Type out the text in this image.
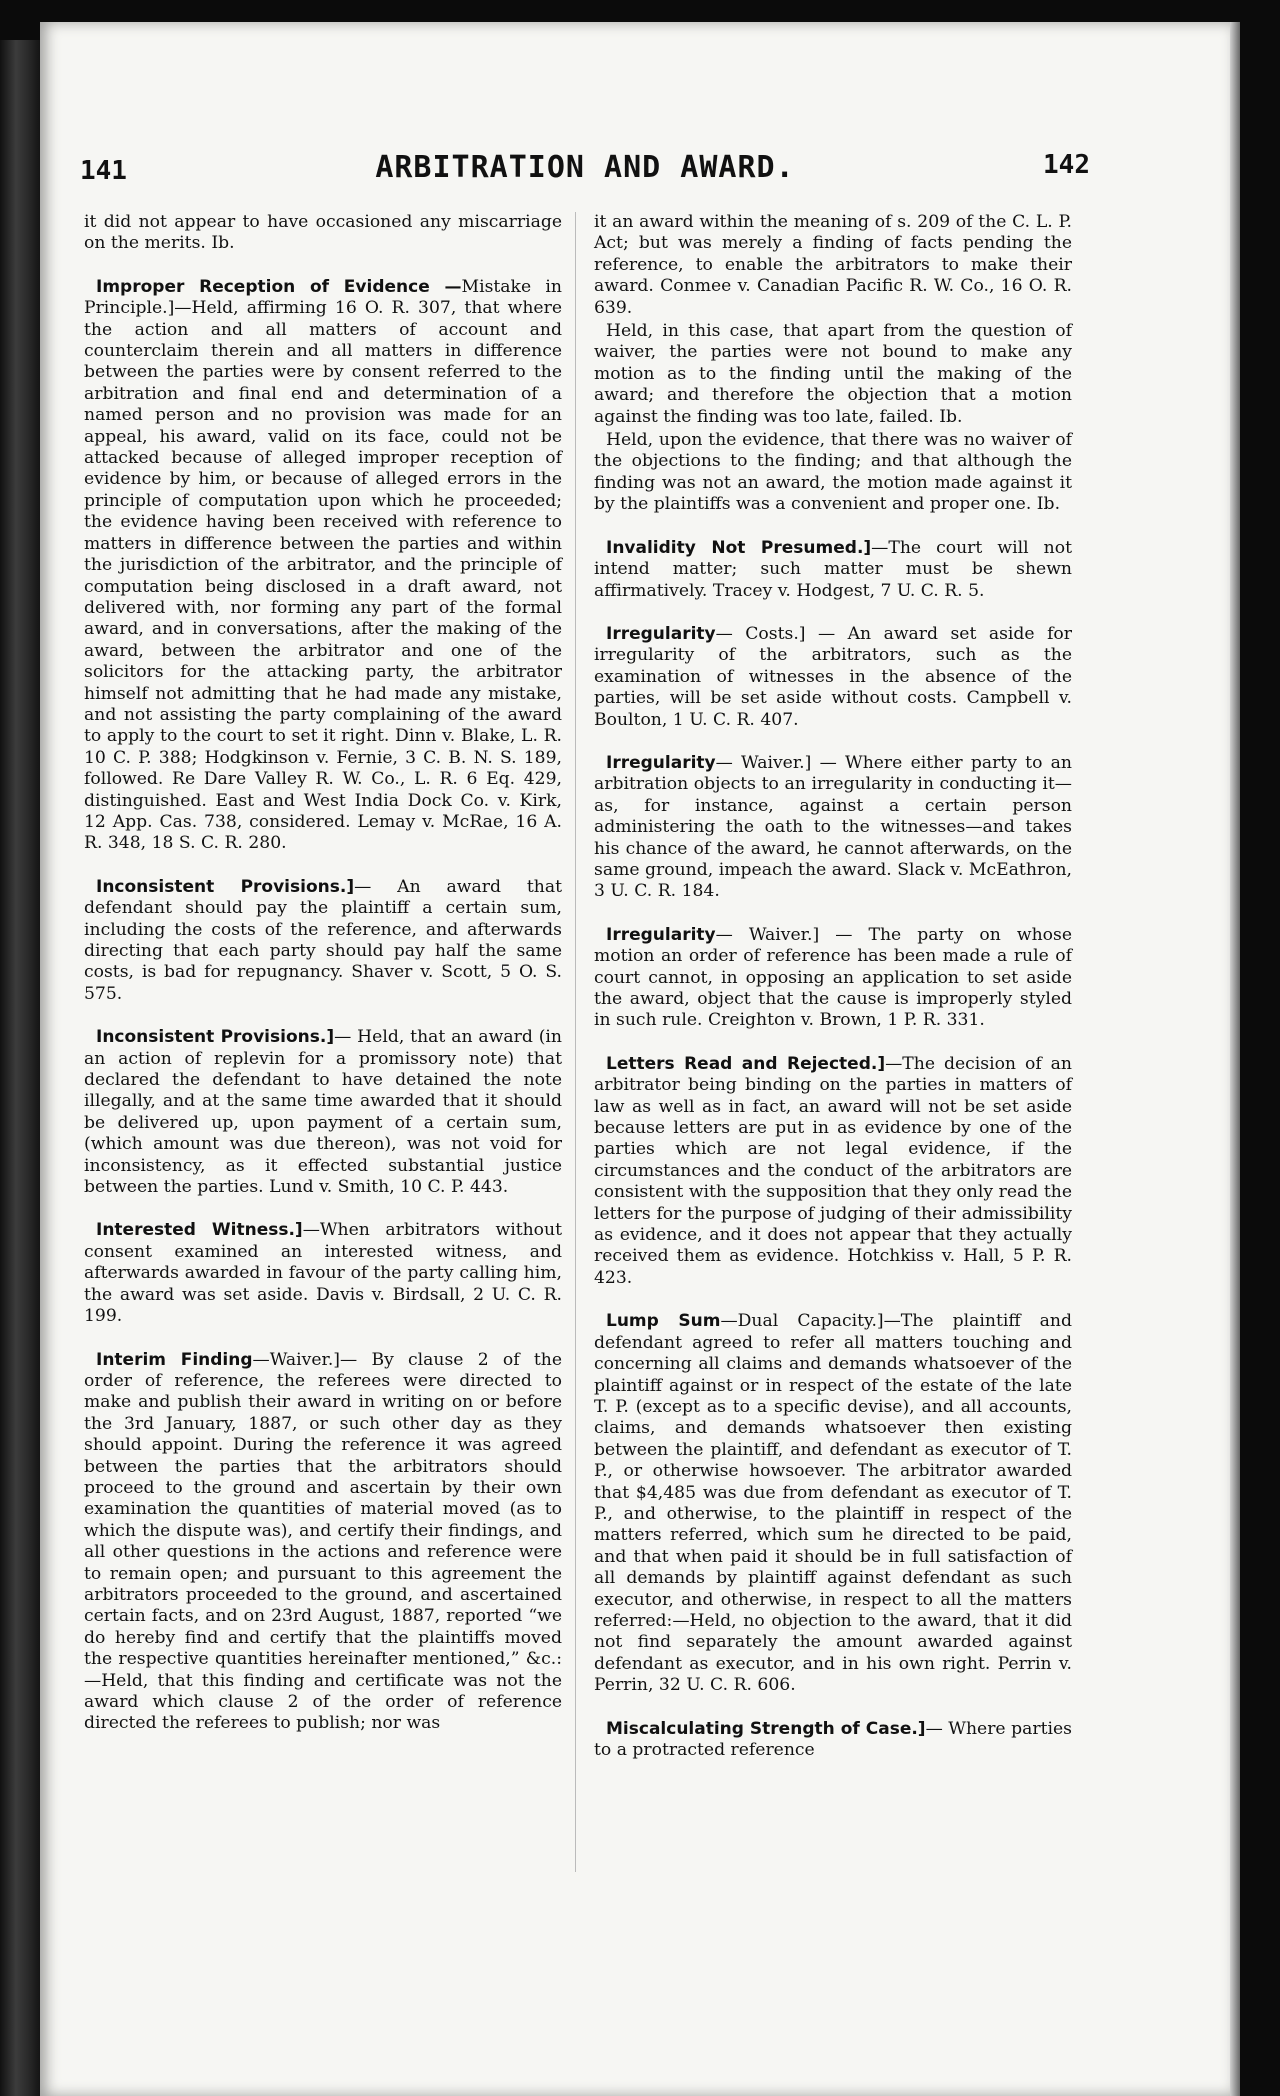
141	ARBITRATION AND AWARD.	142

it did not appear to have occasioned any miscarriage on the merits. Ib.

Improper Reception of Evidence —Mistake in Principle.]—Held, affirming 16 O. R. 307, that where the action and all matters of account and counterclaim therein and all matters in difference between the parties were by consent referred to the arbitration and final end and determination of a named person and no provision was made for an appeal, his award, valid on its face, could not be attacked because of alleged improper reception of evidence by him, or because of alleged errors in the principle of computation upon which he proceeded; the evidence having been received with reference to matters in difference between the parties and within the jurisdiction of the arbitrator, and the principle of computation being disclosed in a draft award, not delivered with, nor forming any part of the formal award, and in conversations, after the making of the award, between the arbitrator and one of the solicitors for the attacking party, the arbitrator himself not admitting that he had made any mistake, and not assisting the party complaining of the award to apply to the court to set it right. Dinn v. Blake, L. R. 10 C. P. 388; Hodgkinson v. Fernie, 3 C. B. N. S. 189, followed. Re Dare Valley R. W. Co., L. R. 6 Eq. 429, distinguished. East and West India Dock Co. v. Kirk, 12 App. Cas. 738, considered. Lemay v. McRae, 16 A. R. 348, 18 S. C. R. 280.

Inconsistent Provisions.]— An award that defendant should pay the plaintiff a certain sum, including the costs of the reference, and afterwards directing that each party should pay half the same costs, is bad for repugnancy. Shaver v. Scott, 5 O. S. 575.

Inconsistent Provisions.]— Held, that an award (in an action of replevin for a promissory note) that declared the defendant to have detained the note illegally, and at the same time awarded that it should be delivered up, upon payment of a certain sum, (which amount was due thereon), was not void for inconsistency, as it effected substantial justice between the parties. Lund v. Smith, 10 C. P. 443.

Interested Witness.]—When arbitrators without consent examined an interested witness, and afterwards awarded in favour of the party calling him, the award was set aside. Davis v. Birdsall, 2 U. C. R. 199.

Interim Finding—Waiver.]— By clause 2 of the order of reference, the referees were directed to make and publish their award in writing on or before the 3rd January, 1887, or such other day as they should appoint. During the reference it was agreed between the parties that the arbitrators should proceed to the ground and ascertain by their own examination the quantities of material moved (as to which the dispute was), and certify their findings, and all other questions in the actions and reference were to remain open; and pursuant to this agreement the arbitrators proceeded to the ground, and ascertained certain facts, and on 23rd August, 1887, reported “we do hereby find and certify that the plaintiffs moved the respective quantities hereinafter mentioned,” &c.:—Held, that this finding and certificate was not the award which clause 2 of the order of reference directed the referees to publish; nor was

it an award within the meaning of s. 209 of the C. L. P. Act; but was merely a finding of facts pending the reference, to enable the arbitrators to make their award. Conmee v. Canadian Pacific R. W. Co., 16 O. R. 639.

Held, in this case, that apart from the question of waiver, the parties were not bound to make any motion as to the finding until the making of the award; and therefore the objection that a motion against the finding was too late, failed. Ib.

Held, upon the evidence, that there was no waiver of the objections to the finding; and that although the finding was not an award, the motion made against it by the plaintiffs was a convenient and proper one. Ib.

Invalidity Not Presumed.]—The court will not intend matter; such matter must be shewn affirmatively. Tracey v. Hodgest, 7 U. C. R. 5.

Irregularity— Costs.] — An award set aside for irregularity of the arbitrators, such as the examination of witnesses in the absence of the parties, will be set aside without costs. Campbell v. Boulton, 1 U. C. R. 407.

Irregularity— Waiver.] — Where either party to an arbitration objects to an irregularity in conducting it—as, for instance, against a certain person administering the oath to the witnesses—and takes his chance of the award, he cannot afterwards, on the same ground, impeach the award. Slack v. McEathron, 3 U. C. R. 184.

Irregularity— Waiver.] — The party on whose motion an order of reference has been made a rule of court cannot, in opposing an application to set aside the award, object that the cause is improperly styled in such rule. Creighton v. Brown, 1 P. R. 331.

Letters Read and Rejected.]—The decision of an arbitrator being binding on the parties in matters of law as well as in fact, an award will not be set aside because letters are put in as evidence by one of the parties which are not legal evidence, if the circumstances and the conduct of the arbitrators are consistent with the supposition that they only read the letters for the purpose of judging of their admissibility as evidence, and it does not appear that they actually received them as evidence. Hotchkiss v. Hall, 5 P. R. 423.

Lump Sum—Dual Capacity.]—The plaintiff and defendant agreed to refer all matters touching and concerning all claims and demands whatsoever of the plaintiff against or in respect of the estate of the late T. P. (except as to a specific devise), and all accounts, claims, and demands whatsoever then existing between the plaintiff, and defendant as executor of T. P., or otherwise howsoever. The arbitrator awarded that $4,485 was due from defendant as executor of T. P., and otherwise, to the plaintiff in respect of the matters referred, which sum he directed to be paid, and that when paid it should be in full satisfaction of all demands by plaintiff against defendant as such executor, and otherwise, in respect to all the matters referred:—Held, no objection to the award, that it did not find separately the amount awarded against defendant as executor, and in his own right. Perrin v. Perrin, 32 U. C. R. 606.

Miscalculating Strength of Case.]— Where parties to a protracted reference
